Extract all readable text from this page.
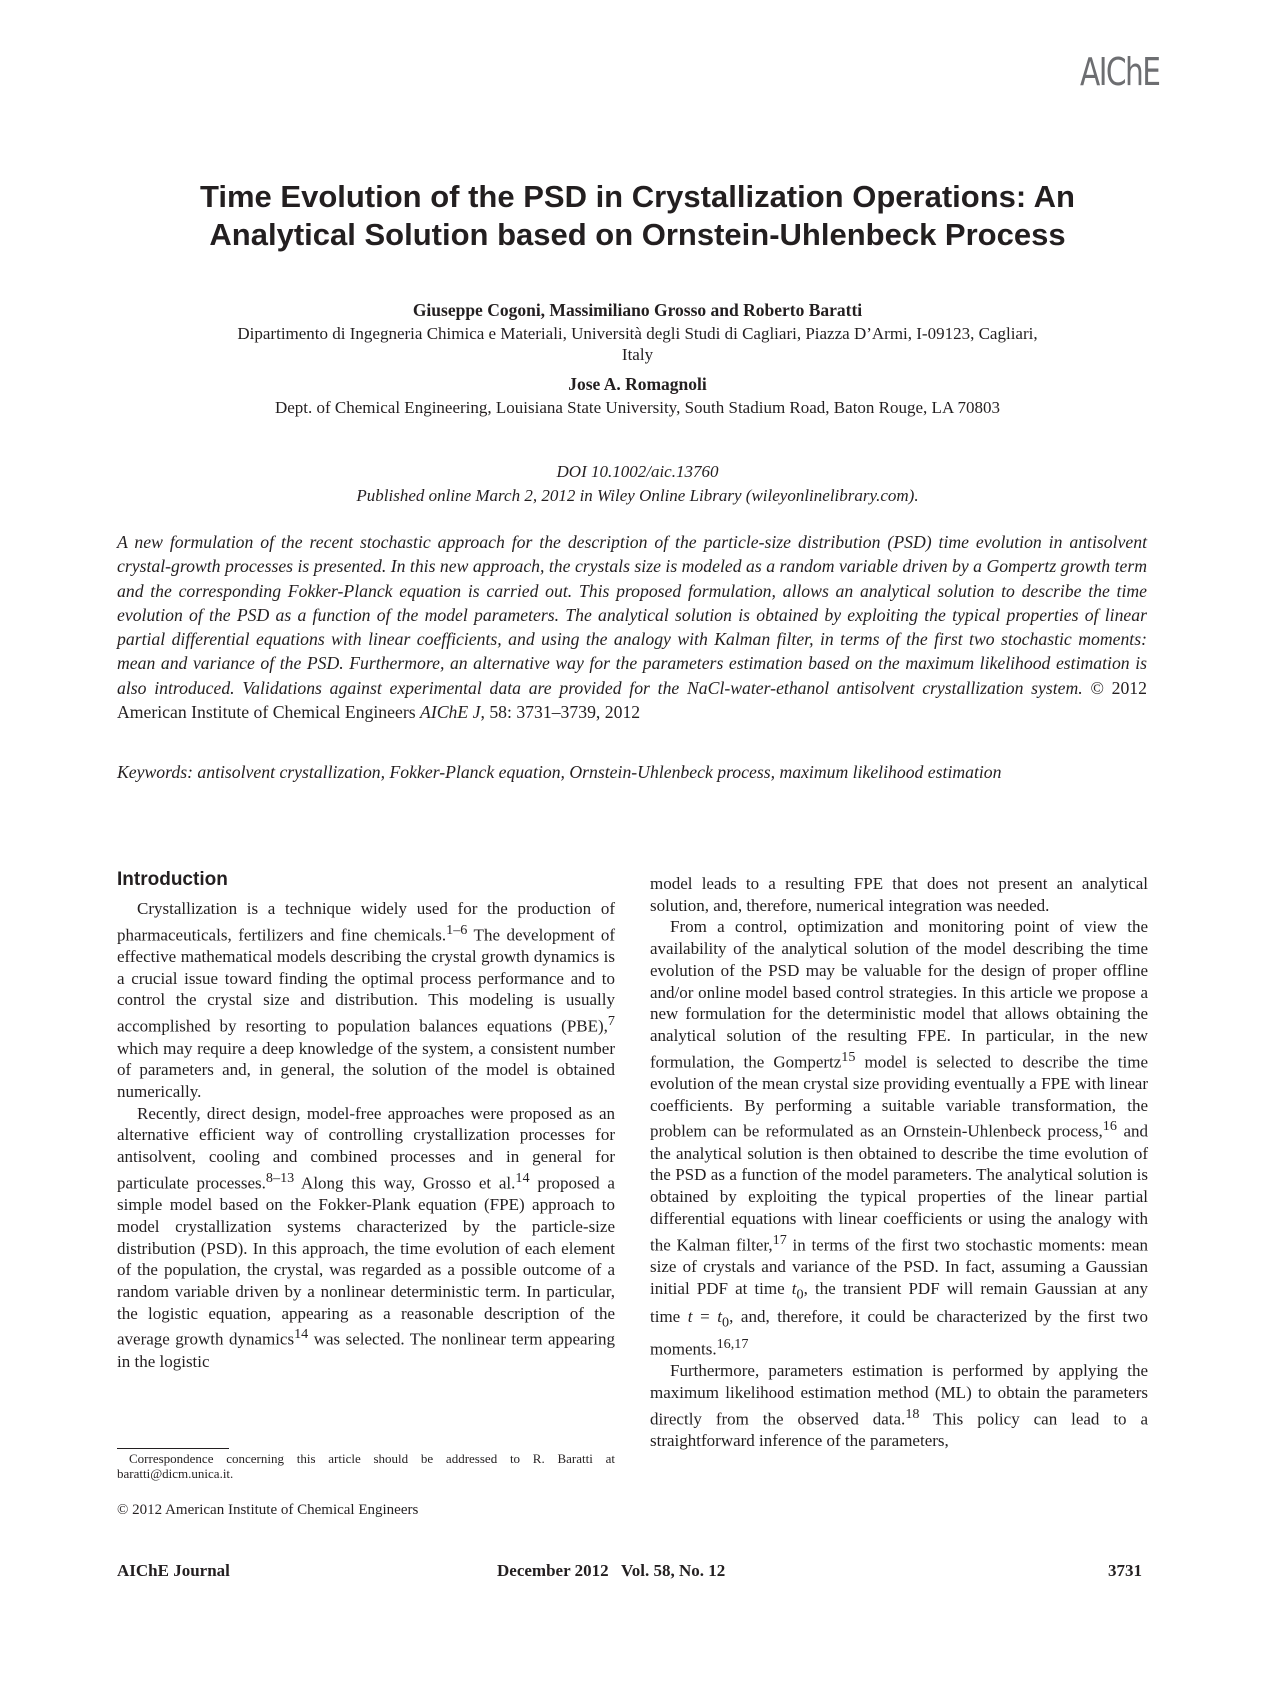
AIChE
Time Evolution of the PSD in Crystallization Operations: An
Analytical Solution based on Ornstein-Uhlenbeck Process
Giuseppe Cogoni, Massimiliano Grosso and Roberto Baratti
Dipartimento di Ingegneria Chimica e Materiali, Università degli Studi di Cagliari, Piazza D’Armi, I-09123, Cagliari,
Italy
Jose A. Romagnoli
Dept. of Chemical Engineering, Louisiana State University, South Stadium Road, Baton Rouge, LA 70803
DOI 10.1002/aic.13760
Published online March 2, 2012 in Wiley Online Library (wileyonlinelibrary.com).

A new formulation of the recent stochastic approach for the description of the particle-size distribution (PSD) time evolution in antisolvent crystal-growth processes is presented. In this new approach, the crystals size is modeled as a random variable driven by a Gompertz growth term and the corresponding Fokker-Planck equation is carried out. This proposed formulation, allows an analytical solution to describe the time evolution of the PSD as a function of the model parameters. The analytical solution is obtained by exploiting the typical properties of linear partial differential equations with linear coefficients, and using the analogy with Kalman filter, in terms of the first two stochastic moments: mean and variance of the PSD. Furthermore, an alternative way for the parameters estimation based on the maximum likelihood estimation is also introduced. Validations against experimental data are provided for the NaCl-water-ethanol antisolvent crystallization system. © 2012 American Institute of Chemical Engineers AIChE J, 58: 3731–3739, 2012

Keywords: antisolvent crystallization, Fokker-Planck equation, Ornstein-Uhlenbeck process, maximum likelihood estimation

Introduction

Crystallization is a technique widely used for the production of pharmaceuticals, fertilizers and fine chemicals.$^{1-6}$ The development of effective mathematical models describing the crystal growth dynamics is a crucial issue toward finding the optimal process performance and to control the crystal size and distribution. This modeling is usually accomplished by resorting to population balances equations (PBE),$^7$ which may require a deep knowledge of the system, a consistent number of parameters and, in general, the solution of the model is obtained numerically.

Recently, direct design, model-free approaches were proposed as an alternative efficient way of controlling crystallization processes for antisolvent, cooling and combined processes and in general for particulate processes.$^{8-13}$ Along this way, Grosso et al.$^{14}$ proposed a simple model based on the Fokker-Plank equation (FPE) approach to model crystallization systems characterized by the particle-size distribution (PSD). In this approach, the time evolution of each element of the population, the crystal, was regarded as a possible outcome of a random variable driven by a nonlinear deterministic term. In particular, the logistic equation, appearing as a reasonable description of the average growth dynamics$^{14}$ was selected. The nonlinear term appearing in the logistic

model leads to a resulting FPE that does not present an analytical solution, and, therefore, numerical integration was needed.

From a control, optimization and monitoring point of view the availability of the analytical solution of the model describing the time evolution of the PSD may be valuable for the design of proper offline and/or online model based control strategies. In this article we propose a new formulation for the deterministic model that allows obtaining the analytical solution of the resulting FPE. In particular, in the new formulation, the Gompertz$^{15}$ model is selected to describe the time evolution of the mean crystal size providing eventually a FPE with linear coefficients. By performing a suitable variable transformation, the problem can be reformulated as an Ornstein-Uhlenbeck process,$^{16}$ and the analytical solution is then obtained to describe the time evolution of the PSD as a function of the model parameters. The analytical solution is obtained by exploiting the typical properties of the linear partial differential equations with linear coefficients or using the analogy with the Kalman filter,$^{17}$ in terms of the first two stochastic moments: mean size of crystals and variance of the PSD. In fact, assuming a Gaussian initial PDF at time $t_0$, the transient PDF will remain Gaussian at any time $t = t_0$, and, therefore, it could be characterized by the first two moments.$^{16,17}$

Furthermore, parameters estimation is performed by applying the maximum likelihood estimation method (ML) to obtain the parameters directly from the observed data.$^{18}$ This policy can lead to a straightforward inference of the parameters,

Correspondence concerning this article should be addressed to R. Baratti at baratti@dicm.unica.it.

© 2012 American Institute of Chemical Engineers

AIChE Journal	December 2012   Vol. 58, No. 12	3731
